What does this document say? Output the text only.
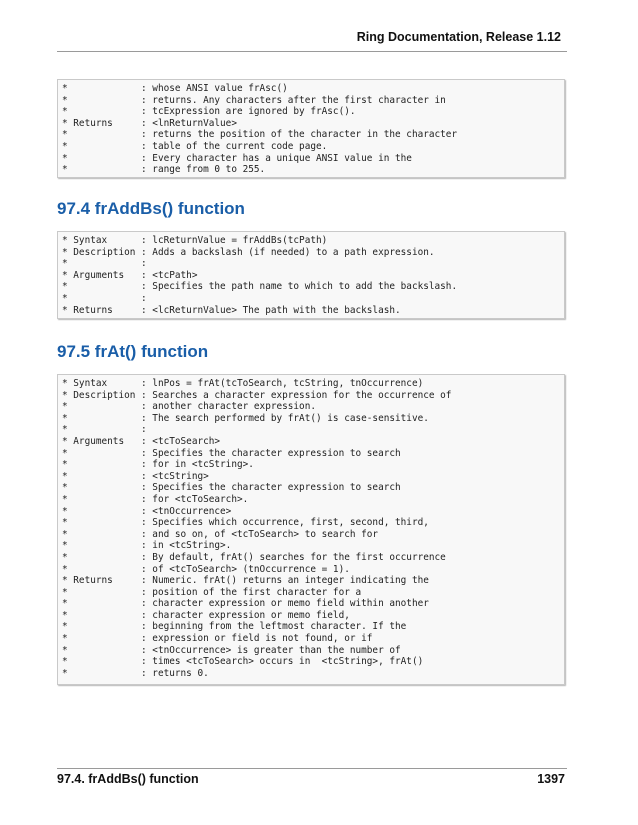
Ring Documentation, Release 1.12
*             : whose ANSI value frAsc()
*             : returns. Any characters after the first character in
*             : tcExpression are ignored by frAsc().
* Returns     : <lnReturnValue>
*             : returns the position of the character in the character
*             : table of the current code page.
*             : Every character has a unique ANSI value in the
*             : range from 0 to 255.
97.4 frAddBs() function
* Syntax      : lcReturnValue = frAddBs(tcPath)
* Description : Adds a backslash (if needed) to a path expression.
*             :
* Arguments   : <tcPath>
*             : Specifies the path name to which to add the backslash.
*             :
* Returns     : <lcReturnValue> The path with the backslash.
97.5 frAt() function
* Syntax      : lnPos = frAt(tcToSearch, tcString, tnOccurrence)
* Description : Searches a character expression for the occurrence of
*             : another character expression.
*             : The search performed by frAt() is case-sensitive.
*             :
* Arguments   : <tcToSearch>
*             : Specifies the character expression to search
*             : for in <tcString>.
*             : <tcString>
*             : Specifies the character expression to search
*             : for <tcToSearch>.
*             : <tnOccurrence>
*             : Specifies which occurrence, first, second, third,
*             : and so on, of <tcToSearch> to search for
*             : in <tcString>.
*             : By default, frAt() searches for the first occurrence
*             : of <tcToSearch> (tnOccurrence = 1).
* Returns     : Numeric. frAt() returns an integer indicating the
*             : position of the first character for a
*             : character expression or memo field within another
*             : character expression or memo field,
*             : beginning from the leftmost character. If the
*             : expression or field is not found, or if
*             : <tnOccurrence> is greater than the number of
*             : times <tcToSearch> occurs in  <tcString>, frAt()
*             : returns 0.
97.4. frAddBs() function	1397
